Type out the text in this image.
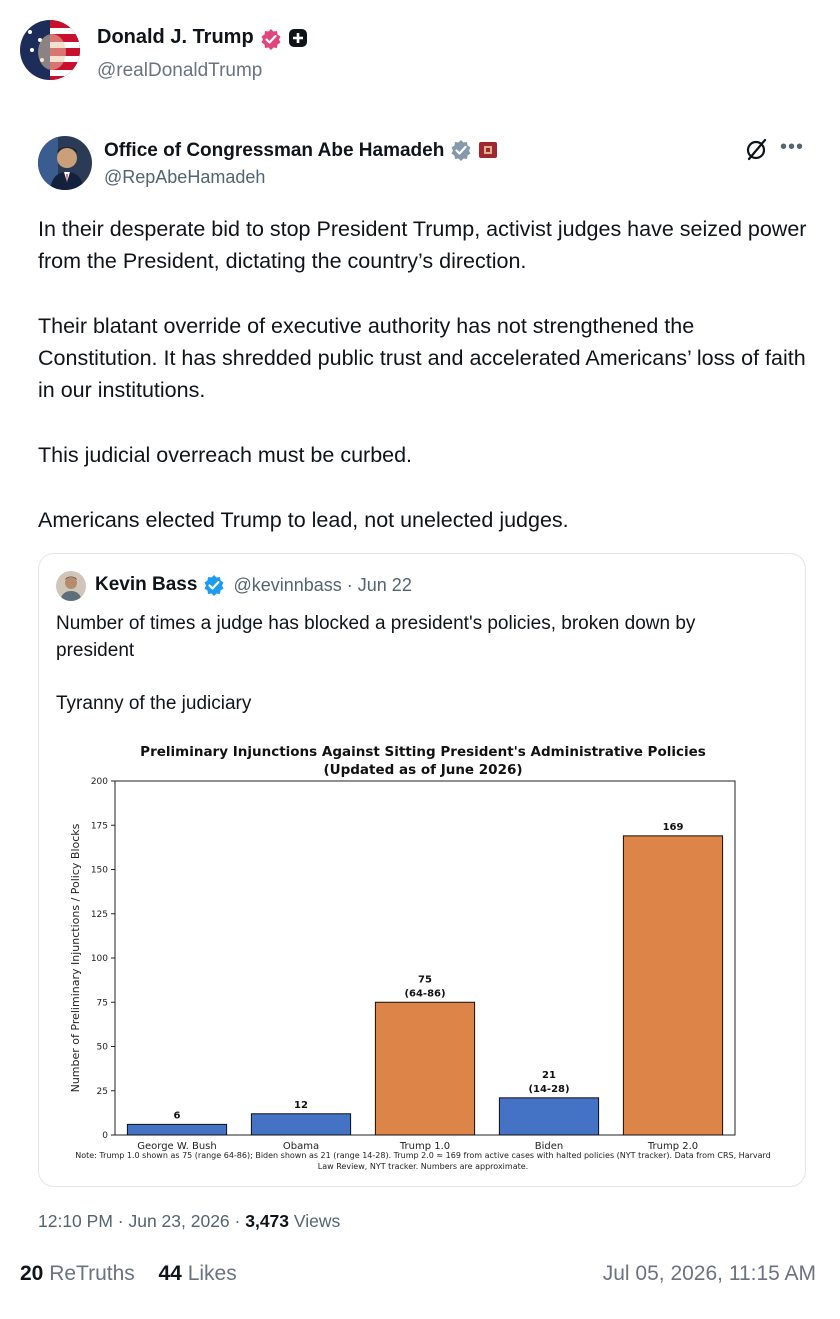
Donald J. Trump
@realDonaldTrump
Office of Congressman Abe Hamadeh
@RepAbeHamadeh
•••

In their desperate bid to stop President Trump, activist judges have seized power from the President, dictating the country’s direction.

Their blatant override of executive authority has not strengthened the Constitution. It has shredded public trust and accelerated Americans’ loss of faith in our institutions.

This judicial overreach must be curbed.

Americans elected Trump to lead, not unelected judges.

Kevin Bass @kevinnbass · Jun 22

Number of times a judge has blocked a president's policies, broken down by president

Tyranny of the judiciary

Preliminary Injunctions Against Sitting President's Administrative Policies
(Updated as of June 2026)
Number of Preliminary Injunctions / Policy Blocks
0
25
50
75
100
125
150
175
200
6
George W. Bush
12
Obama
75
(64-86)
Trump 1.0
21
(14-28)
Biden
169
Trump 2.0
Note: Trump 1.0 shown as 75 (range 64-86); Biden shown as 21 (range 14-28). Trump 2.0 ≈ 169 from active cases with halted policies (NYT tracker). Data from CRS, Harvard
Law Review, NYT tracker. Numbers are approximate.
12:10 PM · Jun 23, 2026 · 3,473 Views
20 ReTruths 44 Likes	Jul 05, 2026, 11:15 AM
